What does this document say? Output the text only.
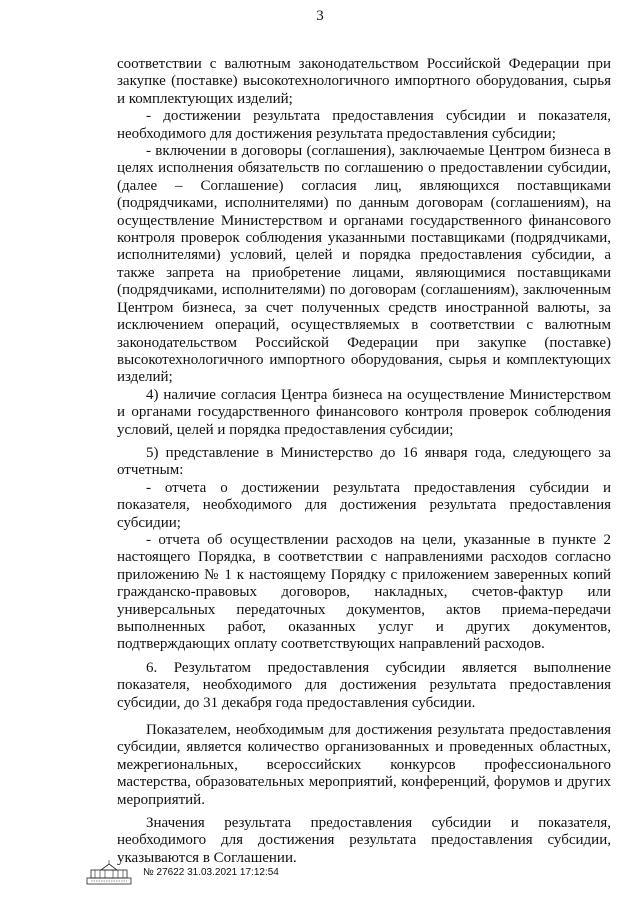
3

соответствии с валютным законодательством Российской Федерации при закупке (поставке) высокотехнологичного импортного оборудования, сырья и комплектующих изделий;

- достижении результата предоставления субсидии и показателя, необходимого для достижения результата предоставления субсидии;

- включении в договоры (соглашения), заключаемые Центром бизнеса в целях исполнения обязательств по соглашению о предоставлении субсидии, (далее – Соглашение) согласия лиц, являющихся поставщиками (подрядчиками, исполнителями) по данным договорам (соглашениям), на осуществление Министерством и органами государственного финансового контроля проверок соблюдения указанными поставщиками (подрядчиками, исполнителями) условий, целей и порядка предоставления субсидии, а также запрета на приобретение лицами, являющимися поставщиками (подрядчиками, исполнителями) по договорам (соглашениям), заключенным Центром бизнеса, за счет полученных средств иностранной валюты, за исключением операций, осуществляемых в соответствии с валютным законодательством Российской Федерации при закупке (поставке) высокотехнологичного импортного оборудования, сырья и комплектующих изделий;

4) наличие согласия Центра бизнеса на осуществление Министерством и органами государственного финансового контроля проверок соблюдения условий, целей и порядка предоставления субсидии;

5) представление в Министерство до 16 января года, следующего за отчетным:

- отчета о достижении результата предоставления субсидии и показателя, необходимого для достижения результата предоставления субсидии;

- отчета об осуществлении расходов на цели, указанные в пункте 2 настоящего Порядка, в соответствии с направлениями расходов согласно приложению № 1 к настоящему Порядку с приложением заверенных копий гражданско-правовых договоров, накладных, счетов-фактур или универсальных передаточных документов, актов приема-передачи выполненных работ, оказанных услуг и других документов, подтверждающих оплату соответствующих направлений расходов.

6. Результатом предоставления субсидии является выполнение показателя, необходимого для достижения результата предоставления субсидии, до 31 декабря года предоставления субсидии.

Показателем, необходимым для достижения результата предоставления субсидии, является количество организованных и проведенных областных, межрегиональных, всероссийских конкурсов профессионального мастерства, образовательных мероприятий, конференций, форумов и других мероприятий.

Значения результата предоставления субсидии и показателя, необходимого для достижения результата предоставления субсидии, указываются в Соглашении.

№ 27622 31.03.2021 17:12:54
